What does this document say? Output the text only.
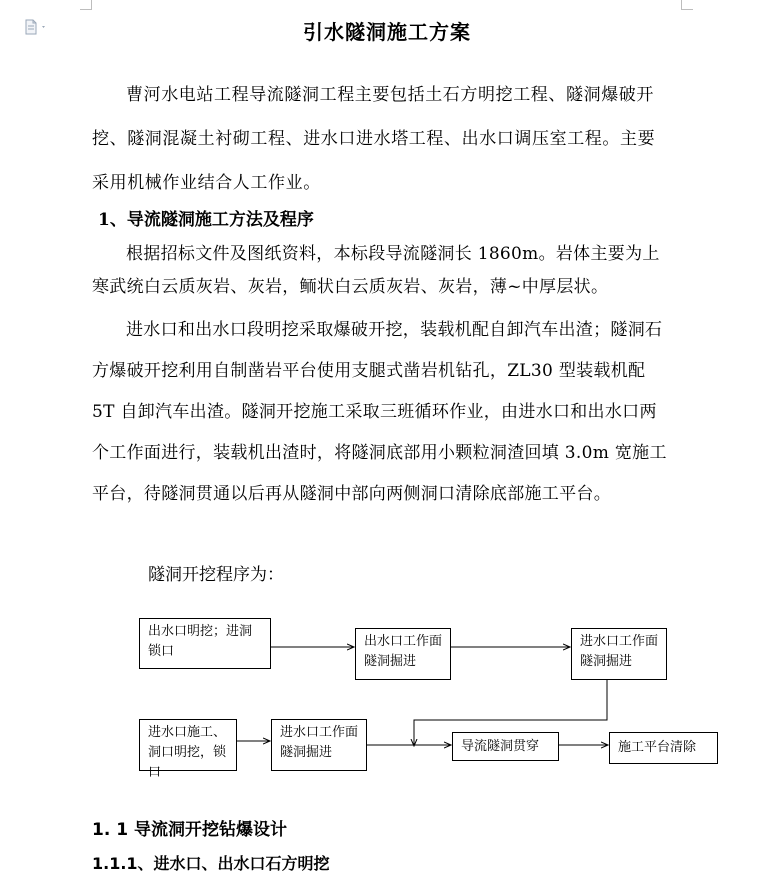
引水隧洞施工方案

曹河水电站工程导流隧洞工程主要包括土石方明挖工程、隧洞爆破开挖、隧洞混凝土衬砌工程、进水口进水塔工程、出水口调压室工程。主要采用机械作业结合人工作业。

1、导流隧洞施工方法及程序

根据招标文件及图纸资料，本标段导流隧洞长 1860m。岩体主要为上寒武统白云质灰岩、灰岩，鲕状白云质灰岩、灰岩，薄~中厚层状。

进水口和出水口段明挖采取爆破开挖，装载机配自卸汽车出渣；隧洞石方爆破开挖利用自制凿岩平台使用支腿式凿岩机钻孔，ZL30 型装载机配 5T 自卸汽车出渣。隧洞开挖施工采取三班循环作业，由进水口和出水口两个工作面进行，装载机出渣时，将隧洞底部用小颗粒洞渣回填 3.0m 宽施工平台，待隧洞贯通以后再从隧洞中部向两侧洞口清除底部施工平台。

隧洞开挖程序为：
出水口明挖；进洞锁口
出水口工作面隧洞掘进
进水口工作面隧洞掘进
进水口施工、洞口明挖，锁口
进水口工作面隧洞掘进	导流隧洞贯穿	施工平台清除
1. 1 导流洞开挖钻爆设计
1.1.1、进水口、出水口石方明挖
